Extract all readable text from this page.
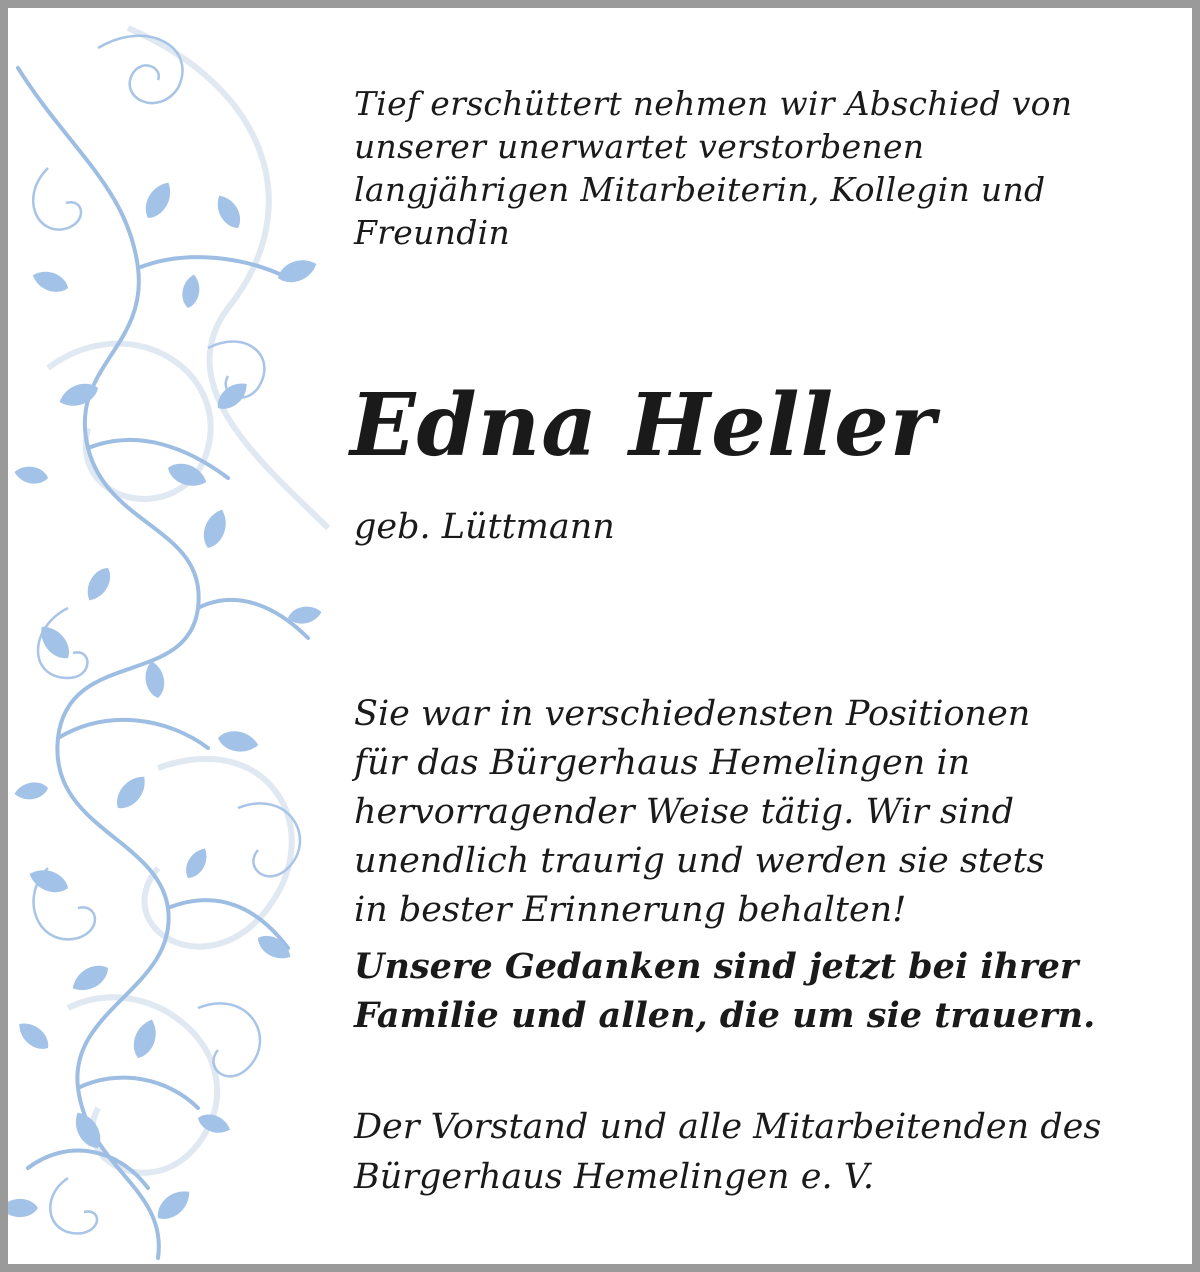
Tief erschüttert nehmen wir Abschied von
unserer unerwartet verstorbenen
langjährigen Mitarbeiterin, Kollegin und
Freundin
Edna Heller
geb. Lüttmann
Sie war in verschiedensten Positionen
für das Bürgerhaus Hemelingen in
hervorragender Weise tätig. Wir sind
unendlich traurig und werden sie stets
in bester Erinnerung behalten!
Unsere Gedanken sind jetzt bei ihrer
Familie und allen, die um sie trauern.
Der Vorstand und alle Mitarbeitenden des
Bürgerhaus Hemelingen e. V.
